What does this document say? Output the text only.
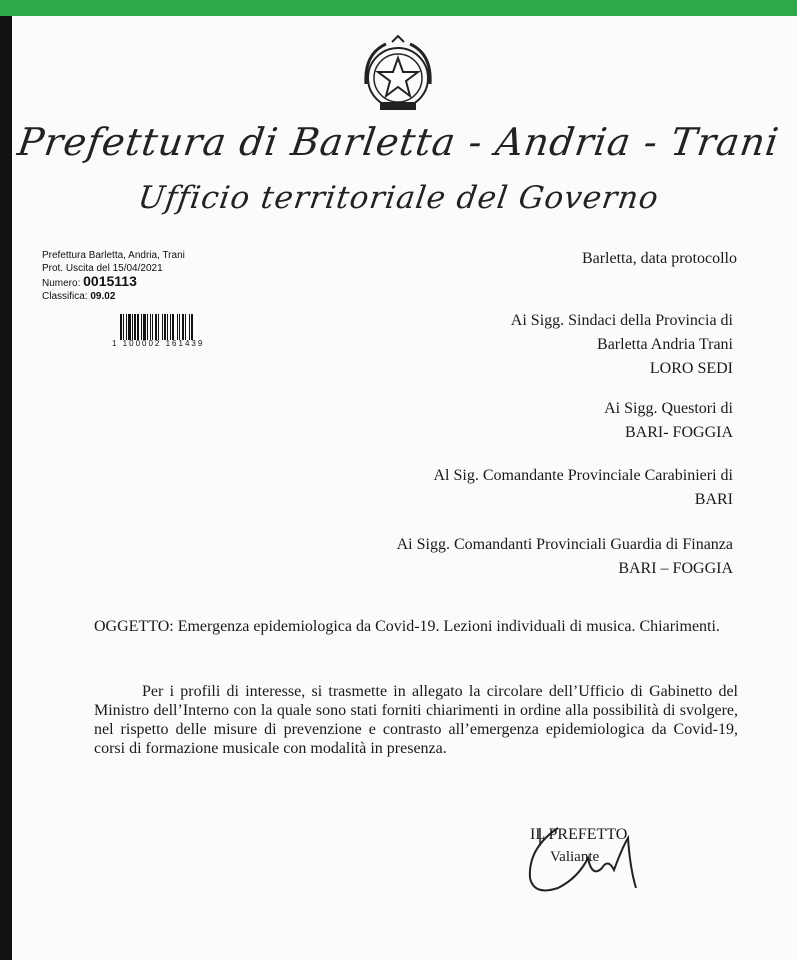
Prefettura di Barletta - Andria - Trani
Ufficio territoriale del Governo
Prefettura Barletta, Andria, Trani
Prot. Uscita del 15/04/2021
Numero: 0015113
Classifica: 09.02
1 100002 161439
Barletta, data protocollo
Ai Sigg. Sindaci della Provincia di
Barletta Andria Trani
LORO SEDI
Ai Sigg. Questori di
BARI- FOGGIA
Al Sig. Comandante Provinciale Carabinieri di
BARI
Ai Sigg. Comandanti Provinciali Guardia di Finanza
BARI – FOGGIA
OGGETTO: Emergenza epidemiologica da Covid-19. Lezioni individuali di musica. Chiarimenti.
Per i profili di interesse, si trasmette in allegato la circolare dell’Ufficio di Gabinetto del Ministro dell’Interno con la quale sono stati forniti chiarimenti in ordine alla possibilità di svolgere, nel rispetto delle misure di prevenzione e contrasto all’emergenza epidemiologica da Covid-19, corsi di formazione musicale con modalità in presenza.
IL PREFETTO
Valiante
